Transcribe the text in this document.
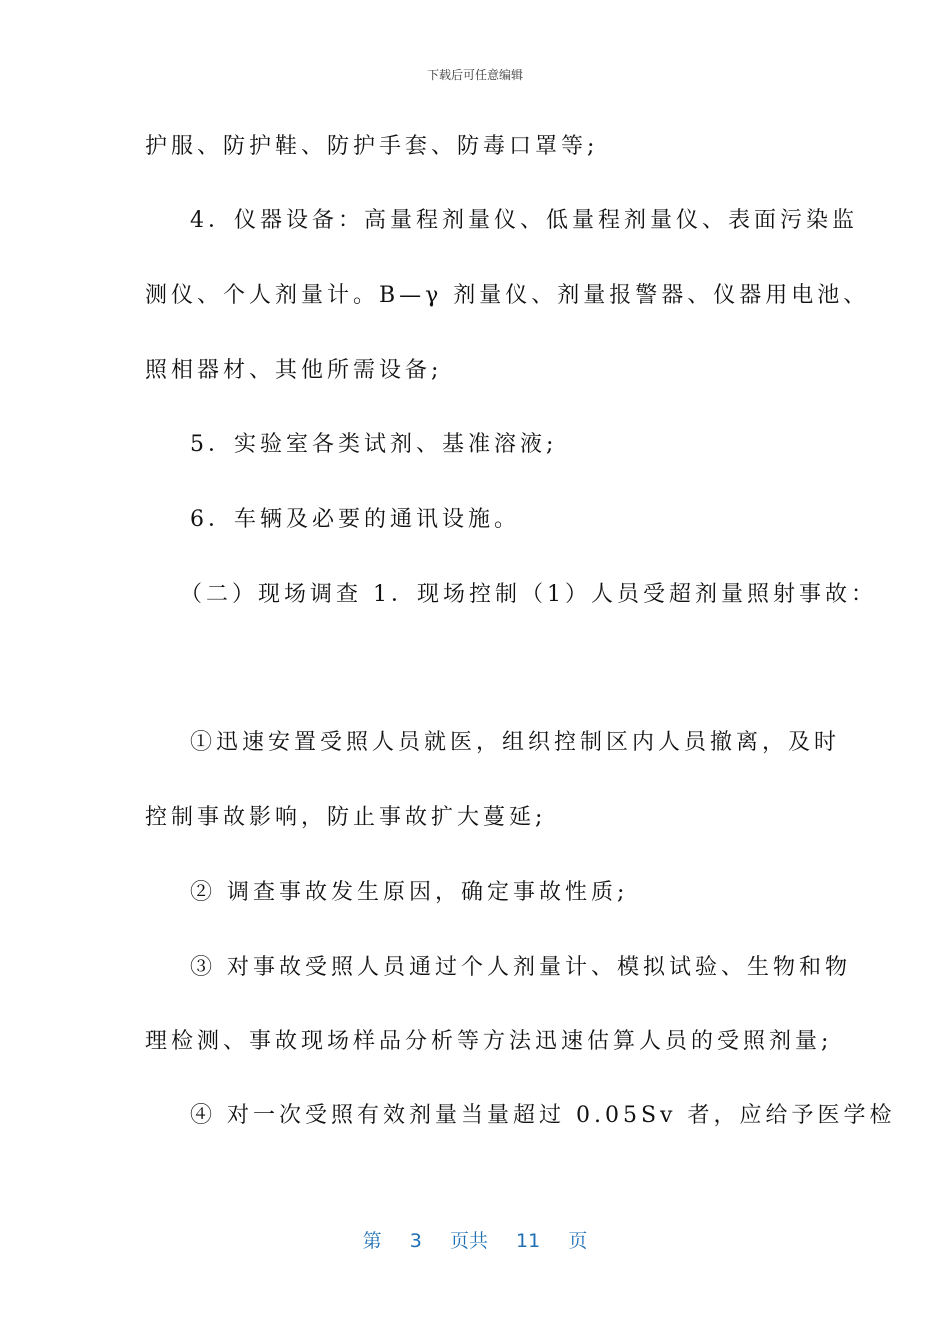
下载后可任意编辑
护服、防护鞋、防护手套、防毒口罩等;
4．仪器设备：高量程剂量仪、低量程剂量仪、表面污染监
测仪、个人剂量计。B—γ 剂量仪、剂量报警器、仪器用电池、
照相器材、其他所需设备;
5．实验室各类试剂、基准溶液;
6．车辆及必要的通讯设施。
（二）现场调查 1．现场控制（1）人员受超剂量照射事故：
①迅速安置受照人员就医，组织控制区内人员撤离，及时
控制事故影响，防止事故扩大蔓延;
② 调查事故发生原因，确定事故性质;
③ 对事故受照人员通过个人剂量计、模拟试验、生物和物
理检测、事故现场样品分析等方法迅速估算人员的受照剂量;
④ 对一次受照有效剂量当量超过 0.05Sv 者，应给予医学检
第 3 页共 11 页
